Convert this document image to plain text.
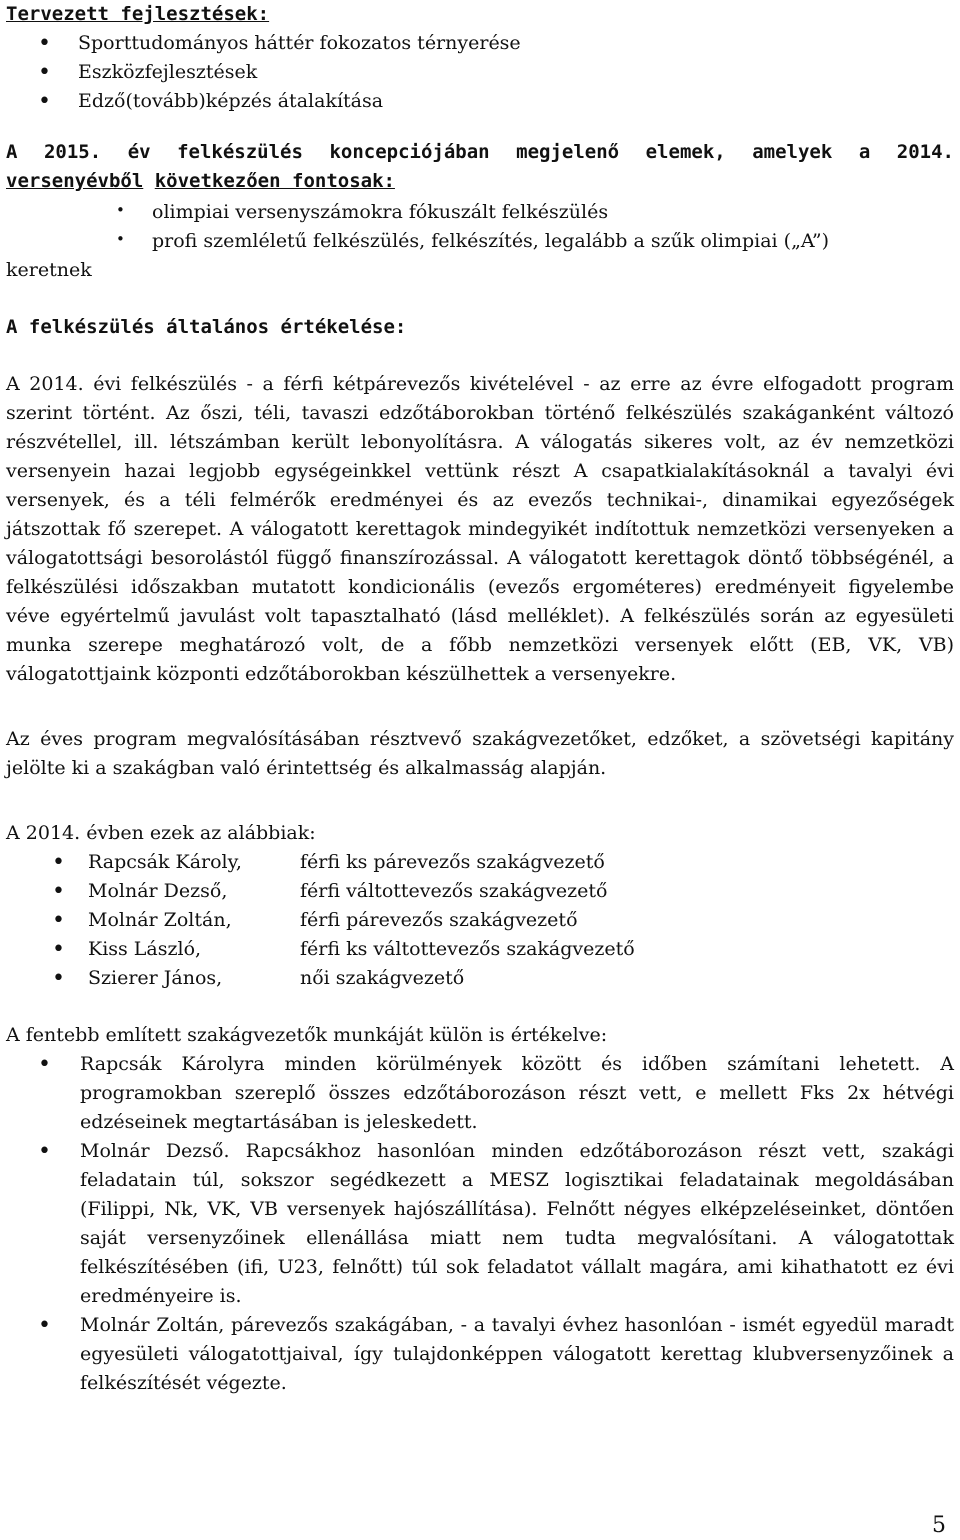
Tervezett fejlesztések:
• Sporttudományos háttér fokozatos térnyerése
• Eszközfejlesztések
• Edző(tovább)képzés átalakítása
A 2015. év felkészülés koncepciójában megjelenő elemek, amelyek a 2014.
versenyévből következően fontosak:
• olimpiai versenyszámokra fókuszált felkészülés
• profi szemléletű felkészülés, felkészítés, legalább a szűk olimpiai („A”)
keretnek
A felkészülés általános értékelése:

A 2014. évi felkészülés - a férfi kétpárevezős kivételével - az erre az évre elfogadott program szerint történt. Az őszi, téli, tavaszi edzőtáborokban történő felkészülés szakáganként változó részvétellel, ill. létszámban került lebonyolításra. A válogatás sikeres volt, az év nemzetközi versenyein hazai legjobb egységeinkkel vettünk részt A csapatkialakításoknál a tavalyi évi versenyek, és a téli felmérők eredményei és az evezős technikai-, dinamikai egyezőségek játszottak fő szerepet. A válogatott kerettagok mindegyikét indítottuk nemzetközi versenyeken a válogatottsági besorolástól függő finanszírozással. A válogatott kerettagok döntő többségénél, a felkészülési időszakban mutatott kondicionális (evezős ergométeres) eredményeit figyelembe véve egyértelmű javulást volt tapasztalható (lásd melléklet). A felkészülés során az egyesületi munka szerepe meghatározó volt, de a főbb nemzetközi versenyek előtt (EB, VK, VB) válogatottjaink központi edzőtáborokban készülhettek a versenyekre.

Az éves program megvalósításában résztvevő szakágvezetőket, edzőket, a szövetségi kapitány jelölte ki a szakágban való érintettség és alkalmasság alapján.

A 2014. évben ezek az alábbiak:
• Rapcsák Károly,	férfi ks párevezős szakágvezető
• Molnár Dezső,	férfi váltottevezős szakágvezető
• Molnár Zoltán,	férfi párevezős szakágvezető
• Kiss László,	férfi ks váltottevezős szakágvezető
• Szierer János,	női szakágvezető
A fentebb említett szakágvezetők munkáját külön is értékelve:
• Rapcsák Károlyra minden körülmények között és időben számítani lehetett. A programokban szereplő összes edzőtáborozáson részt vett, e mellett Fks 2x hétvégi edzéseinek megtartásában is jeleskedett.
• Molnár Dezső. Rapcsákhoz hasonlóan minden edzőtáborozáson részt vett, szakági feladatain túl, sokszor segédkezett a MESZ logisztikai feladatainak megoldásában (Filippi, Nk, VK, VB versenyek hajószállítása). Felnőtt négyes elképzeléseinket, döntően saját versenyzőinek ellenállása miatt nem tudta megvalósítani. A válogatottak felkészítésében (ifi, U23, felnőtt) túl sok feladatot vállalt magára, ami kihathatott ez évi eredményeire is.
• Molnár Zoltán, párevezős szakágában, - a tavalyi évhez hasonlóan - ismét egyedül maradt egyesületi válogatottjaival, így tulajdonképpen válogatott kerettag klubversenyzőinek a felkészítését végezte.
5
